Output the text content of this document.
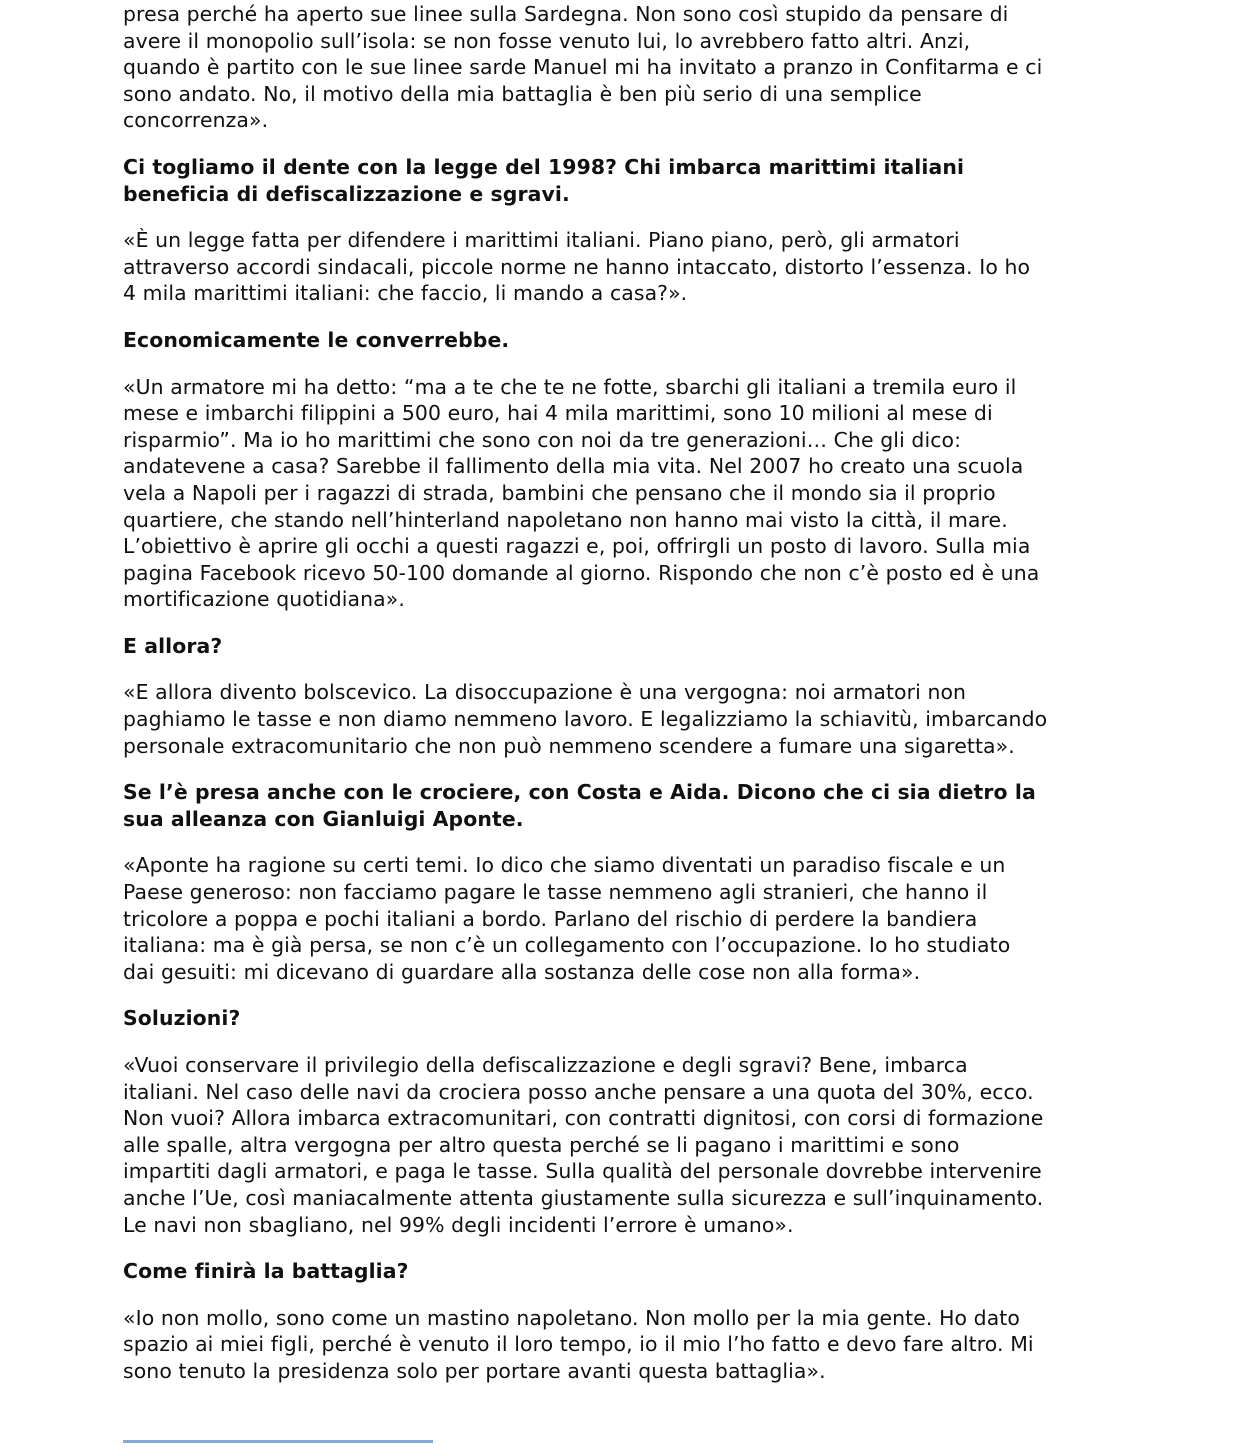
presa perché ha aperto sue linee sulla Sardegna. Non sono così stupido da pensare di
avere il monopolio sull’isola: se non fosse venuto lui, lo avrebbero fatto altri. Anzi,
quando è partito con le sue linee sarde Manuel mi ha invitato a pranzo in Confitarma e ci
sono andato. No, il motivo della mia battaglia è ben più serio di una semplice
concorrenza».
Ci togliamo il dente con la legge del 1998? Chi imbarca marittimi italiani
beneficia di defiscalizzazione e sgravi.
«È un legge fatta per difendere i marittimi italiani. Piano piano, però, gli armatori
attraverso accordi sindacali, piccole norme ne hanno intaccato, distorto l’essenza. Io ho
4 mila marittimi italiani: che faccio, li mando a casa?».
Economicamente le converrebbe.
«Un armatore mi ha detto: “ma a te che te ne fotte, sbarchi gli italiani a tremila euro il
mese e imbarchi filippini a 500 euro, hai 4 mila marittimi, sono 10 milioni al mese di
risparmio”. Ma io ho marittimi che sono con noi da tre generazioni… Che gli dico:
andatevene a casa? Sarebbe il fallimento della mia vita. Nel 2007 ho creato una scuola
vela a Napoli per i ragazzi di strada, bambini che pensano che il mondo sia il proprio
quartiere, che stando nell’hinterland napoletano non hanno mai visto la città, il mare.
L’obiettivo è aprire gli occhi a questi ragazzi e, poi, offrirgli un posto di lavoro. Sulla mia
pagina Facebook ricevo 50-100 domande al giorno. Rispondo che non c’è posto ed è una
mortificazione quotidiana».
E allora?
«E allora divento bolscevico. La disoccupazione è una vergogna: noi armatori non
paghiamo le tasse e non diamo nemmeno lavoro. E legalizziamo la schiavitù, imbarcando
personale extracomunitario che non può nemmeno scendere a fumare una sigaretta».
Se l’è presa anche con le crociere, con Costa e Aida. Dicono che ci sia dietro la
sua alleanza con Gianluigi Aponte.
«Aponte ha ragione su certi temi. Io dico che siamo diventati un paradiso fiscale e un
Paese generoso: non facciamo pagare le tasse nemmeno agli stranieri, che hanno il
tricolore a poppa e pochi italiani a bordo. Parlano del rischio di perdere la bandiera
italiana: ma è già persa, se non c’è un collegamento con l’occupazione. Io ho studiato
dai gesuiti: mi dicevano di guardare alla sostanza delle cose non alla forma».
Soluzioni?
«Vuoi conservare il privilegio della defiscalizzazione e degli sgravi? Bene, imbarca
italiani. Nel caso delle navi da crociera posso anche pensare a una quota del 30%, ecco.
Non vuoi? Allora imbarca extracomunitari, con contratti dignitosi, con corsi di formazione
alle spalle, altra vergogna per altro questa perché se li pagano i marittimi e sono
impartiti dagli armatori, e paga le tasse. Sulla qualità del personale dovrebbe intervenire
anche l’Ue, così maniacalmente attenta giustamente sulla sicurezza e sull’inquinamento.
Le navi non sbagliano, nel 99% degli incidenti l’errore è umano».
Come finirà la battaglia?
«Io non mollo, sono come un mastino napoletano. Non mollo per la mia gente. Ho dato
spazio ai miei figli, perché è venuto il loro tempo, io il mio l’ho fatto e devo fare altro. Mi
sono tenuto la presidenza solo per portare avanti questa battaglia».
